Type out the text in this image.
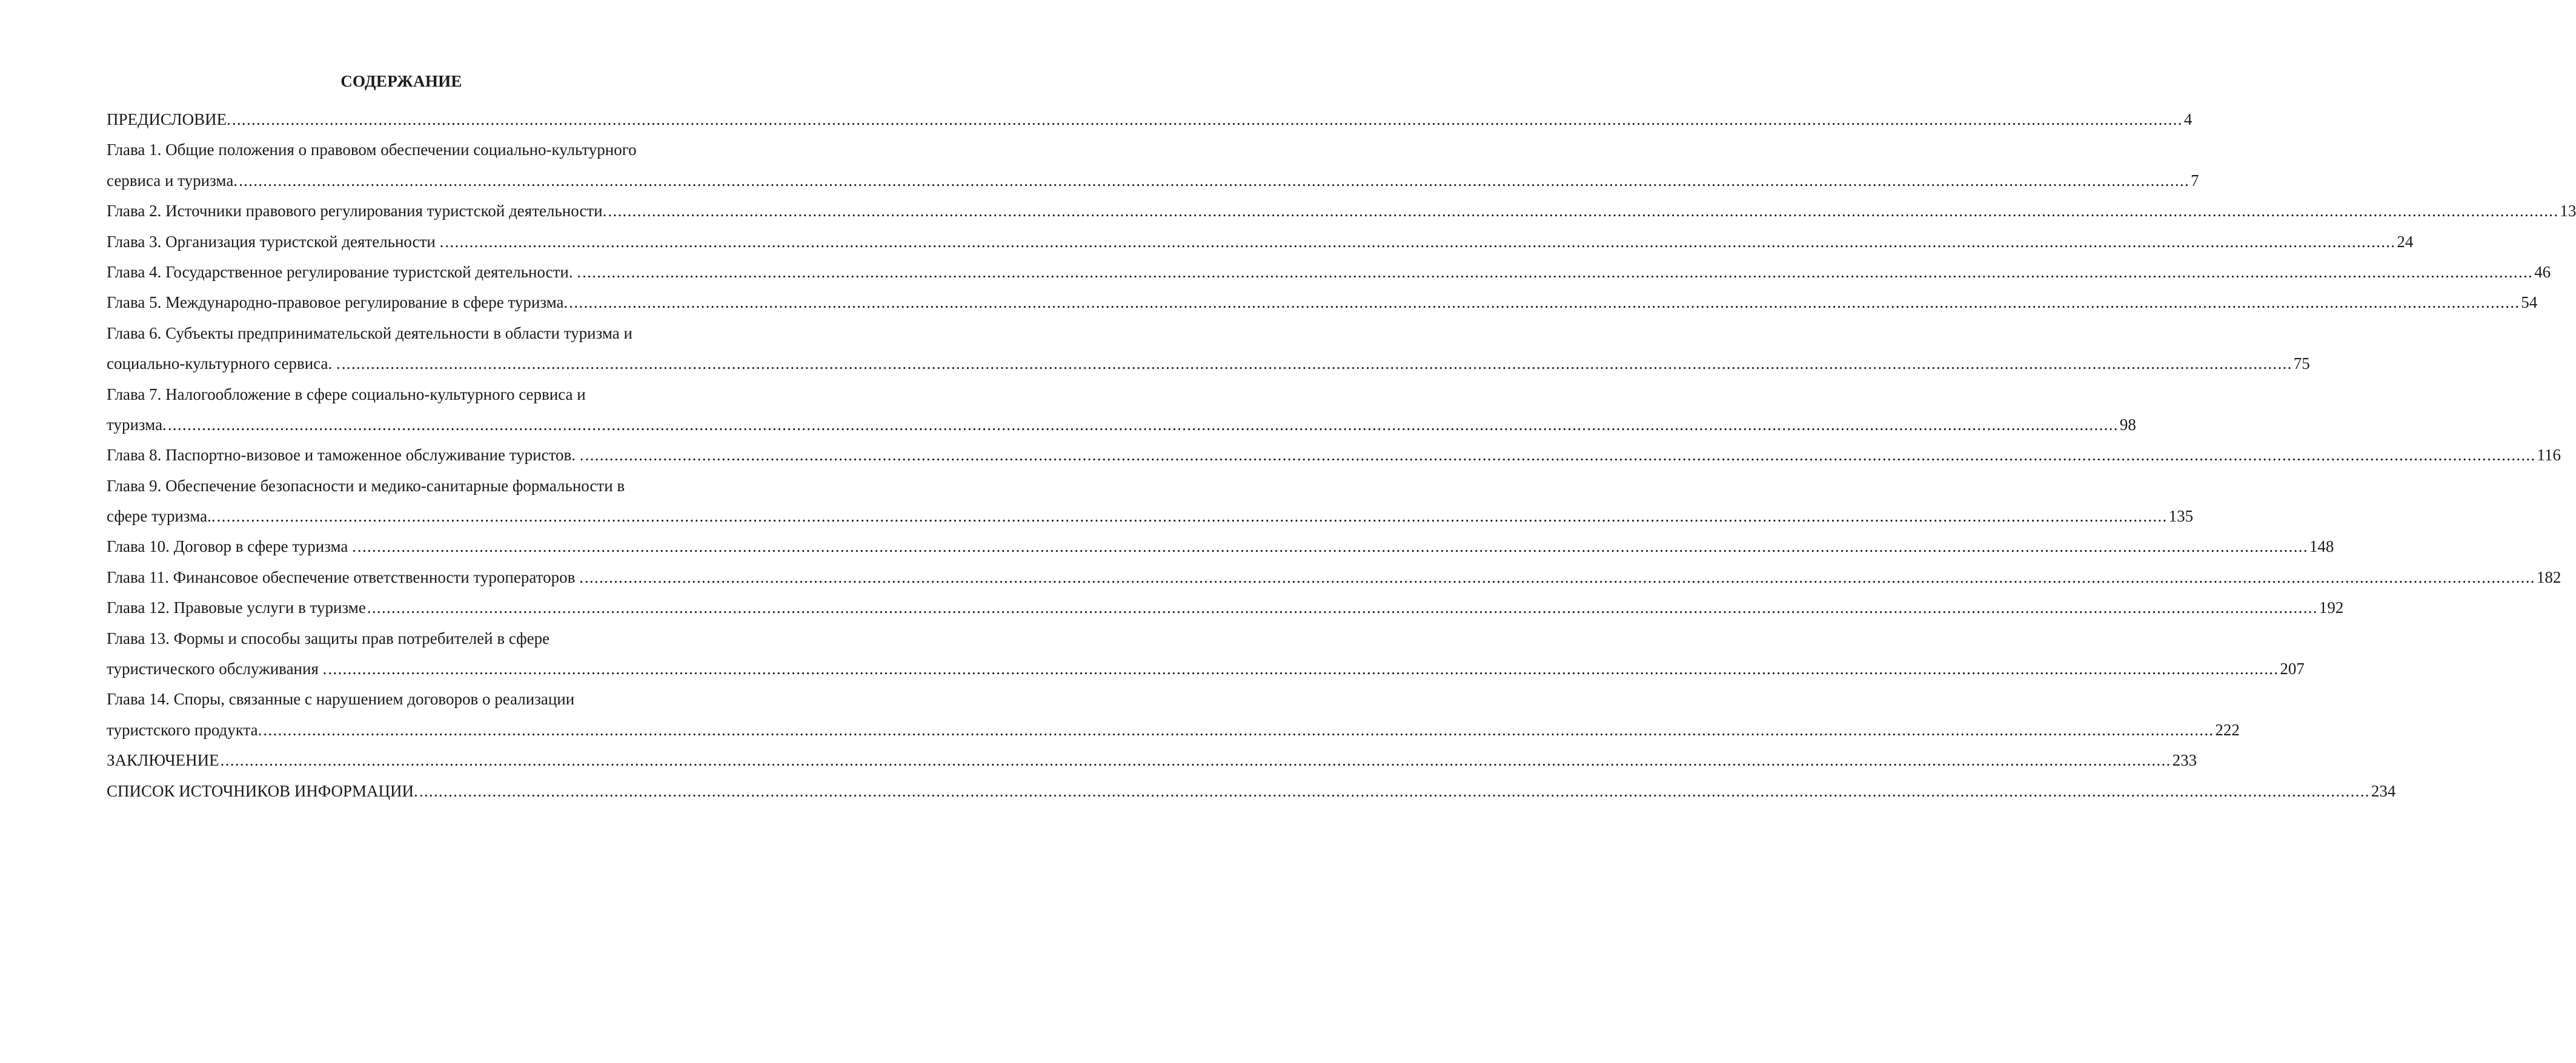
СОДЕРЖАНИЕ
ПРЕДИСЛОВИЕ. ................................................................................................................................................................................................................................................................................................................................................................................................................ 4
Глава 1. Общие положения о правовом обеспечении социально-культурного
сервиса и туризма. ................................................................................................................................................................................................................................................................................................................................................................................................................ 7
Глава 2. Источники правового регулирования туристской деятельности. ................................................................................................................................................................................................................................................................................................................................................................................................................ 13
Глава 3. Организация туристской деятельности . ................................................................................................................................................................................................................................................................................................................................................................................................................ 24
Глава 4. Государственное регулирование туристской деятельности. . ................................................................................................................................................................................................................................................................................................................................................................................................................ 46
Глава 5. Международно-правовое регулирование в сфере туризма. ................................................................................................................................................................................................................................................................................................................................................................................................................ 54
Глава 6. Субъекты предпринимательской деятельности в области туризма и
социально-культурного сервиса. . ................................................................................................................................................................................................................................................................................................................................................................................................................ 75
Глава 7. Налогообложение в сфере социально-культурного сервиса и
туризма. ................................................................................................................................................................................................................................................................................................................................................................................................................ 98
Глава 8. Паспортно-визовое и таможенное обслуживание туристов. . ................................................................................................................................................................................................................................................................................................................................................................................................................ 116
Глава 9. Обеспечение безопасности и медико-санитарные формальности в
сфере туризма.. ................................................................................................................................................................................................................................................................................................................................................................................................................ 135
Глава 10. Договор в сфере туризма . ................................................................................................................................................................................................................................................................................................................................................................................................................ 148
Глава 11. Финансовое обеспечение ответственности туроператоров . ................................................................................................................................................................................................................................................................................................................................................................................................................ 182
Глава 12. Правовые услуги в туризме ................................................................................................................................................................................................................................................................................................................................................................................................................ 192
Глава 13. Формы и способы защиты прав потребителей в сфере
туристического обслуживания . ................................................................................................................................................................................................................................................................................................................................................................................................................ 207
Глава 14. Споры, связанные с нарушением договоров о реализации
туристского продукта. ................................................................................................................................................................................................................................................................................................................................................................................................................ 222
ЗАКЛЮЧЕНИЕ ................................................................................................................................................................................................................................................................................................................................................................................................................ 233
СПИСОК ИСТОЧНИКОВ ИНФОРМАЦИИ. ................................................................................................................................................................................................................................................................................................................................................................................................................ 234
